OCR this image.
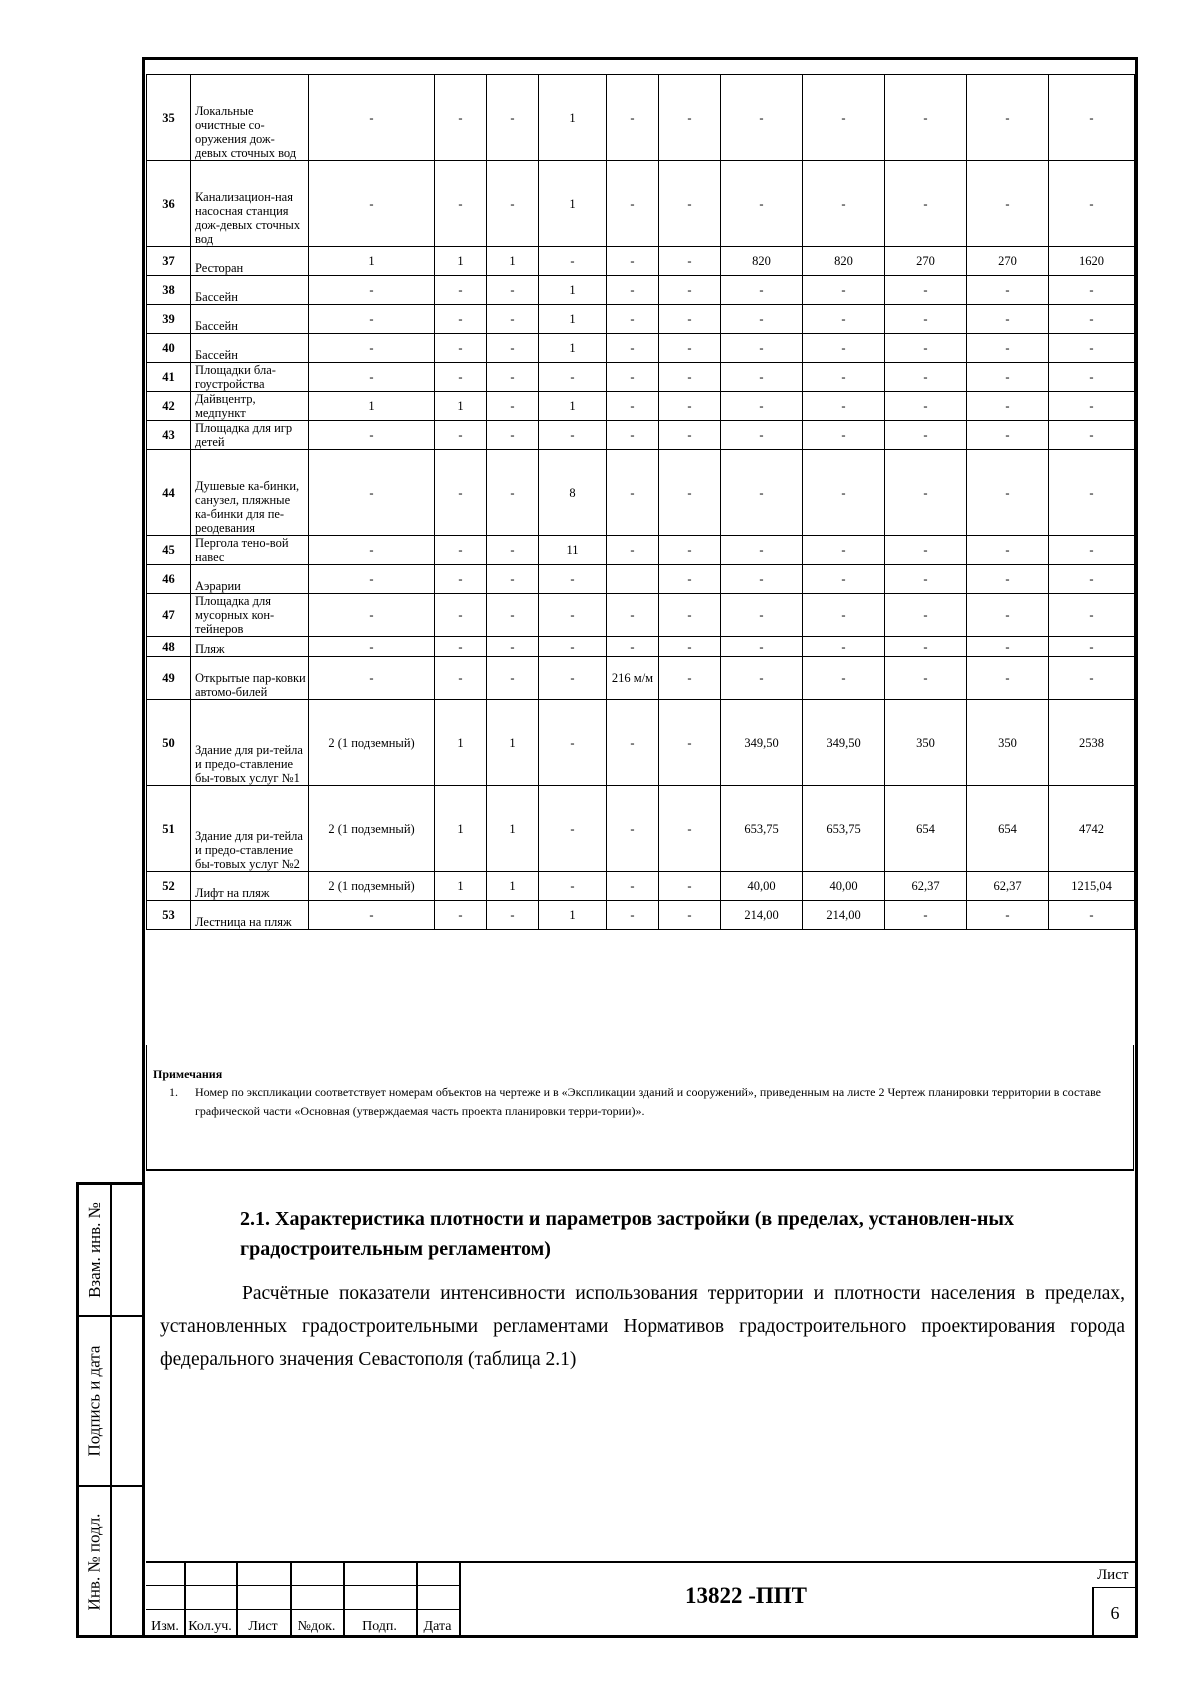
Взам. инв. №
Подпись и дата
Инв. № подл.
35	Локальные очистные со-оружения дож-девых сточных вод	-	-	-	1	-	-	-	-	-	-	-
36	Канализацион-ная насосная станция дож-девых сточных вод	-	-	-	1	-	-	-	-	-	-	-
37	Ресторан	1	1	1	-	-	-	820	820	270	270	1620
38	Бассейн	-	-	-	1	-	-	-	-	-	-	-
39	Бассейн	-	-	-	1	-	-	-	-	-	-	-
40	Бассейн	-	-	-	1	-	-	-	-	-	-	-
41	Площадки бла-гоустройства	-	-	-	-	-	-	-	-	-	-	-
42	Дайвцентр, медпункт	1	1	-	1	-	-	-	-	-	-	-
43	Площадка для игр детей	-	-	-	-	-	-	-	-	-	-	-
44	Душевые ка-бинки, санузел, пляжные ка-бинки для пе-реодевания	-	-	-	8	-	-	-	-	-	-	-
45	Пергола тено-вой навес	-	-	-	11	-	-	-	-	-	-	-
46	Аэрарии	-	-	-	-		-	-	-	-	-	-
47	Площадка для мусорных кон-тейнеров	-	-	-	-	-	-	-	-	-	-	-
48	Пляж	-	-	-	-	-	-	-	-	-	-	-
49	Открытые пар-ковки автомо-билей	-	-	-	-	216 м/м	-	-	-	-	-	-
50	Здание для ри-тейла и предо-ставление бы-товых услуг №1	2 (1 подземный)	1	1	-	-	-	349,50	349,50	350	350	2538
51	Здание для ри-тейла и предо-ставление бы-товых услуг №2	2 (1 подземный)	1	1	-	-	-	653,75	653,75	654	654	4742
52	Лифт на пляж	2 (1 подземный)	1	1	-	-	-	40,00	40,00	62,37	62,37	1215,04
53	Лестница на пляж	-	-	-	1	-	-	214,00	214,00	-	-	-
Примечания
1. Номер по экспликации соответствует номерам объектов на чертеже и в «Экспликации зданий и сооружений», приведенным на листе 2 Чертеж планировки территории в составе графической части «Основная (утверждаемая часть проекта планировки терри-тории)».
2.1. Характеристика плотности и параметров застройки (в пределах, установлен-ных градостроительным регламентом)
Расчётные показатели интенсивности использования территории и плотности населения в пределах, установленных градостроительными регламентами Нормативов градостроительного проектирования города федерального значения Севастополя (таблица 2.1)
Изм. Кол.уч.	Лист	№док.	Подп.	Дата
13822 -ППТ
Лист
6
